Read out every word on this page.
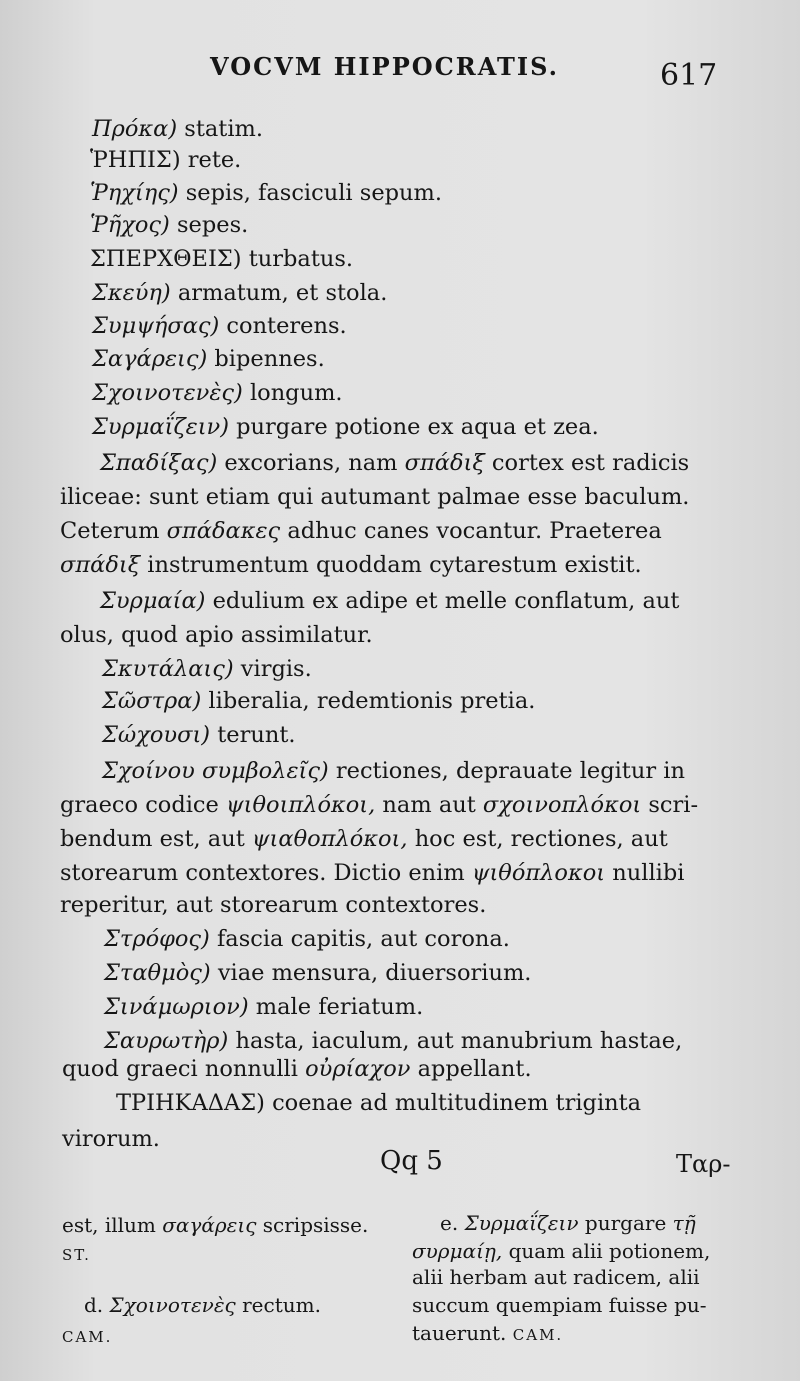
VOCVM HIPPOCRATIS.	617
Πρόκα) statim.
ῬΗΠΙΣ) rete.
Ῥηχίης) sepis, fasciculi sepum.
Ῥῆχος) sepes.
ΣΠΕΡΧΘΕΙΣ) turbatus.
Σκεύη) armatum, et stola.
Συμψήσας) conterens.
Σαγάρεις) bipennes.
Σχοινοτενὲς) longum.
Συρμαΐζειν) purgare potione ex aqua et zea.
Σπαδίξας) excorians, nam σπάδιξ cortex est radicis
iliceae: sunt etiam qui autumant palmae esse baculum.
Ceterum σπάδακες adhuc canes vocantur. Praeterea
σπάδιξ instrumentum quoddam cytarestum existit.
Συρμαία) edulium ex adipe et melle conflatum, aut
olus, quod apio assimilatur.
Σκυτάλαις) virgis.
Σῶστρα) liberalia, redemtionis pretia.
Σώχουσι) terunt.
Σχοίνου συμβολεῖς) rectiones, deprauate legitur in
graeco codice ψιθοιπλόκοι, nam aut σχοινοπλόκοι scri-
bendum est, aut ψιαθοπλόκοι, hoc est, rectiones, aut
storearum contextores. Dictio enim ψιθόπλοκοι nullibi
reperitur, aut storearum contextores.
Στρόφος) fascia capitis, aut corona.
Σταθμὸς) viae mensura, diuersorium.
Σινάμωριον) male feriatum.
Σαυρωτὴρ) hasta, iaculum, aut manubrium hastae,
quod graeci nonnulli οὐρίαχον appellant.
ΤΡΙΗΚΑΔΑΣ) coenae ad multitudinem triginta
virorum.
Qq 5	Ταρ-
est, illum σαγάρεις scripsisse.
ST.
d. Σχοινοτενὲς rectum.
CAM.
e. Συρμαΐζειν purgare τῇ
συρμαίῃ, quam alii potionem,
alii herbam aut radicem, alii
succum quempiam fuisse pu-
tauerunt. CAM.
